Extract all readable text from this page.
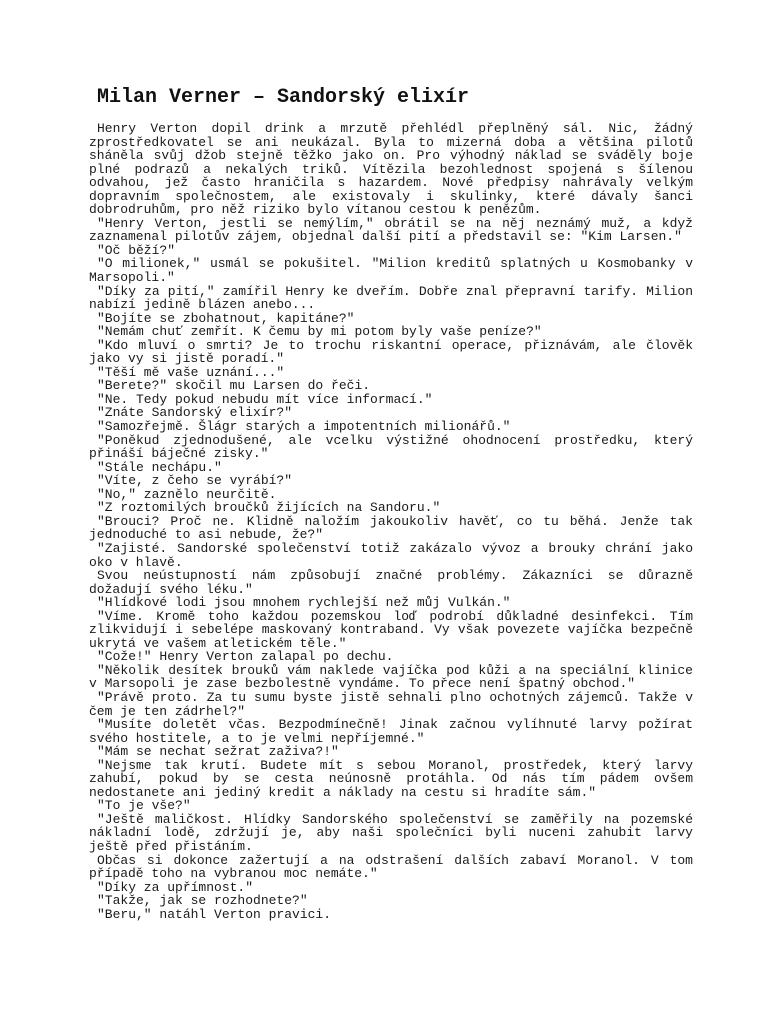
Milan Verner – Sandorský elixír

Henry Verton dopil drink a mrzutě přehlédl přeplněný sál. Nic, žádný zprostředkovatel se ani neukázal. Byla to mizerná doba a většina pilotů sháněla svůj džob stejně těžko jako on. Pro výhodný náklad se sváděly boje plné podrazů a nekalých triků. Vítězila bezohlednost spojená s šílenou odvahou, jež často hraničila s hazardem. Nové předpisy nahrávaly velkým dopravním společnostem, ale existovaly i skulinky, které dávaly šanci dobrodruhům, pro něž riziko bylo vítanou cestou k penězům.

"Henry Verton, jestli se nemýlím," obrátil se na něj neznámý muž, a když zaznamenal pilotův zájem, objednal další pití a představil se: "Kim Larsen."

"Oč běží?"

"O milionek," usmál se pokušitel. "Milion kreditů splatných u Kosmobanky v Marsopoli."

"Díky za pití," zamířil Henry ke dveřím. Dobře znal přepravní tarify. Milion nabízí jedině blázen anebo...

"Bojíte se zbohatnout, kapitáne?"

"Nemám chuť zemřít. K čemu by mi potom byly vaše peníze?"

"Kdo mluví o smrti? Je to trochu riskantní operace, přiznávám, ale člověk jako vy si jistě poradí."

"Těší mě vaše uznání..."

"Berete?" skočil mu Larsen do řeči.

"Ne. Tedy pokud nebudu mít více informací."

"Znáte Sandorský elixír?"

"Samozřejmě. Šlágr starých a impotentních milionářů."

"Poněkud zjednodušené, ale vcelku výstižné ohodnocení prostředku, který přináší báječné zisky."

"Stále nechápu."

"Víte, z čeho se vyrábí?"

"No," zaznělo neurčitě.

"Z roztomilých broučků žijících na Sandoru."

"Brouci? Proč ne. Klidně naložím jakoukoliv havěť, co tu běhá. Jenže tak jednoduché to asi nebude, že?"

"Zajisté. Sandorské společenství totiž zakázalo vývoz a brouky chrání jako oko v hlavě.

Svou neústupností nám způsobují značné problémy. Zákazníci se důrazně dožadují svého léku."

"Hlídkové lodi jsou mnohem rychlejší než můj Vulkán."

"Víme. Kromě toho každou pozemskou loď podrobí důkladné desinfekci. Tím zlikvidují i sebelépe maskovaný kontraband. Vy však povezete vajíčka bezpečně ukrytá ve vašem atletickém těle."

"Cože!" Henry Verton zalapal po dechu.

"Několik desítek brouků vám naklede vajíčka pod kůži a na speciální klinice v Marsopoli je zase bezbolestně vyndáme. To přece není špatný obchod."

"Právě proto. Za tu sumu byste jistě sehnali plno ochotných zájemců. Takže v čem je ten zádrhel?"

"Musíte doletět včas. Bezpodmínečně! Jinak začnou vylíhnuté larvy požírat svého hostitele, a to je velmi nepříjemné."

"Mám se nechat sežrat zaživa?!"

"Nejsme tak krutí. Budete mít s sebou Moranol, prostředek, který larvy zahubí, pokud by se cesta neúnosně protáhla. Od nás tím pádem ovšem nedostanete ani jediný kredit a náklady na cestu si hradíte sám."

"To je vše?"

"Ještě maličkost. Hlídky Sandorského společenství se zaměřily na pozemské nákladní lodě, zdržují je, aby naši společníci byli nuceni zahubit larvy ještě před přistáním.

Občas si dokonce zažertují a na odstrašení dalších zabaví Moranol. V tom případě toho na vybranou moc nemáte."

"Díky za upřímnost."

"Takže, jak se rozhodnete?"

"Beru," natáhl Verton pravici.
